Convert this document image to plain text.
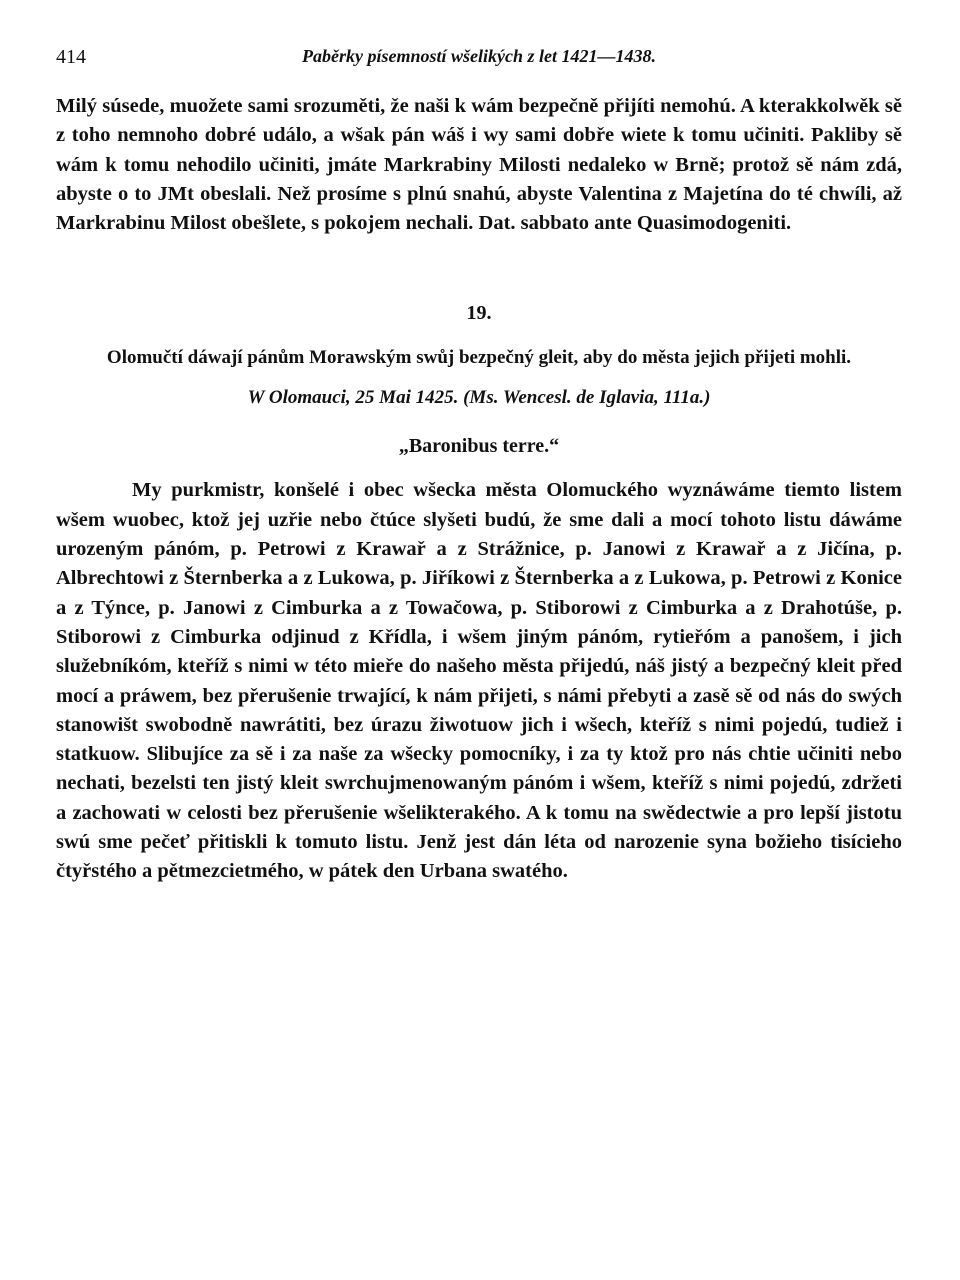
414	Paběrky písemností wšelikých z let 1421—1438.

Milý súsede, muožete sami srozuměti, že naši k wám bezpečně přijíti nemohú. A kterakkolwěk sě z toho nemnoho dobré událo, a wšak pán wáš i wy sami dobře wiete k tomu učiniti. Pakliby sě wám k tomu nehodilo učiniti, jmáte Markrabiny Milosti nedaleko w Brně; protož sě nám zdá, abyste o to JMt obeslali. Než prosíme s plnú snahú, abyste Valentina z Majetína do té chwíli, až Markrabinu Milost obešlete, s pokojem nechali. Dat. sabbato ante Quasimodogeniti.

19.
Olomučtí dáwají pánům Morawským swůj bezpečný gleit, aby do města jejich přijeti mohli.
W Olomauci, 25 Mai 1425. (Ms. Wencesl. de Iglavia, 111a.)
„Baronibus terre.“

My purkmistr, konšelé i obec wšecka města Olomuckého wyznáwáme tiemto listem wšem wuobec, ktož jej uzřie nebo čtúce slyšeti budú, že sme dali a mocí tohoto listu dáwáme urozeným pánóm, p. Petrowi z Krawař a z Strážnice, p. Janowi z Krawař a z Jičína, p. Albrechtowi z Šternberka a z Lukowa, p. Jiříkowi z Šternberka a z Lukowa, p. Petrowi z Konice a z Týnce, p. Janowi z Cimburka a z Towačowa, p. Stiborowi z Cimburka a z Drahotúše, p. Stiborowi z Cimburka odjinud z Křídla, i wšem jiným pánóm, rytieřóm a panošem, i jich služebníkóm, kteříž s nimi w této mieře do našeho města přijedú, náš jistý a bezpečný kleit před mocí a práwem, bez přerušenie trwající, k nám přijeti, s námi přebyti a zasě sě od nás do swých stanowišt swobodně nawrátiti, bez úrazu žiwotuow jich i wšech, kteříž s nimi pojedú, tudiež i statkuow. Slibujíce za sě i za naše za wšecky pomocníky, i za ty ktož pro nás chtie učiniti nebo nechati, bezelsti ten jistý kleit swrchujmenowaným pánóm i wšem, kteříž s nimi pojedú, zdržeti a zachowati w celosti bez přerušenie wšelikterakého. A k tomu na swědectwie a pro lepší jistotu swú sme pečeť přitiskli k tomuto listu. Jenž jest dán léta od narozenie syna božieho tisícieho čtyřstého a pětmezcietmého, w pátek den Urbana swatého.
